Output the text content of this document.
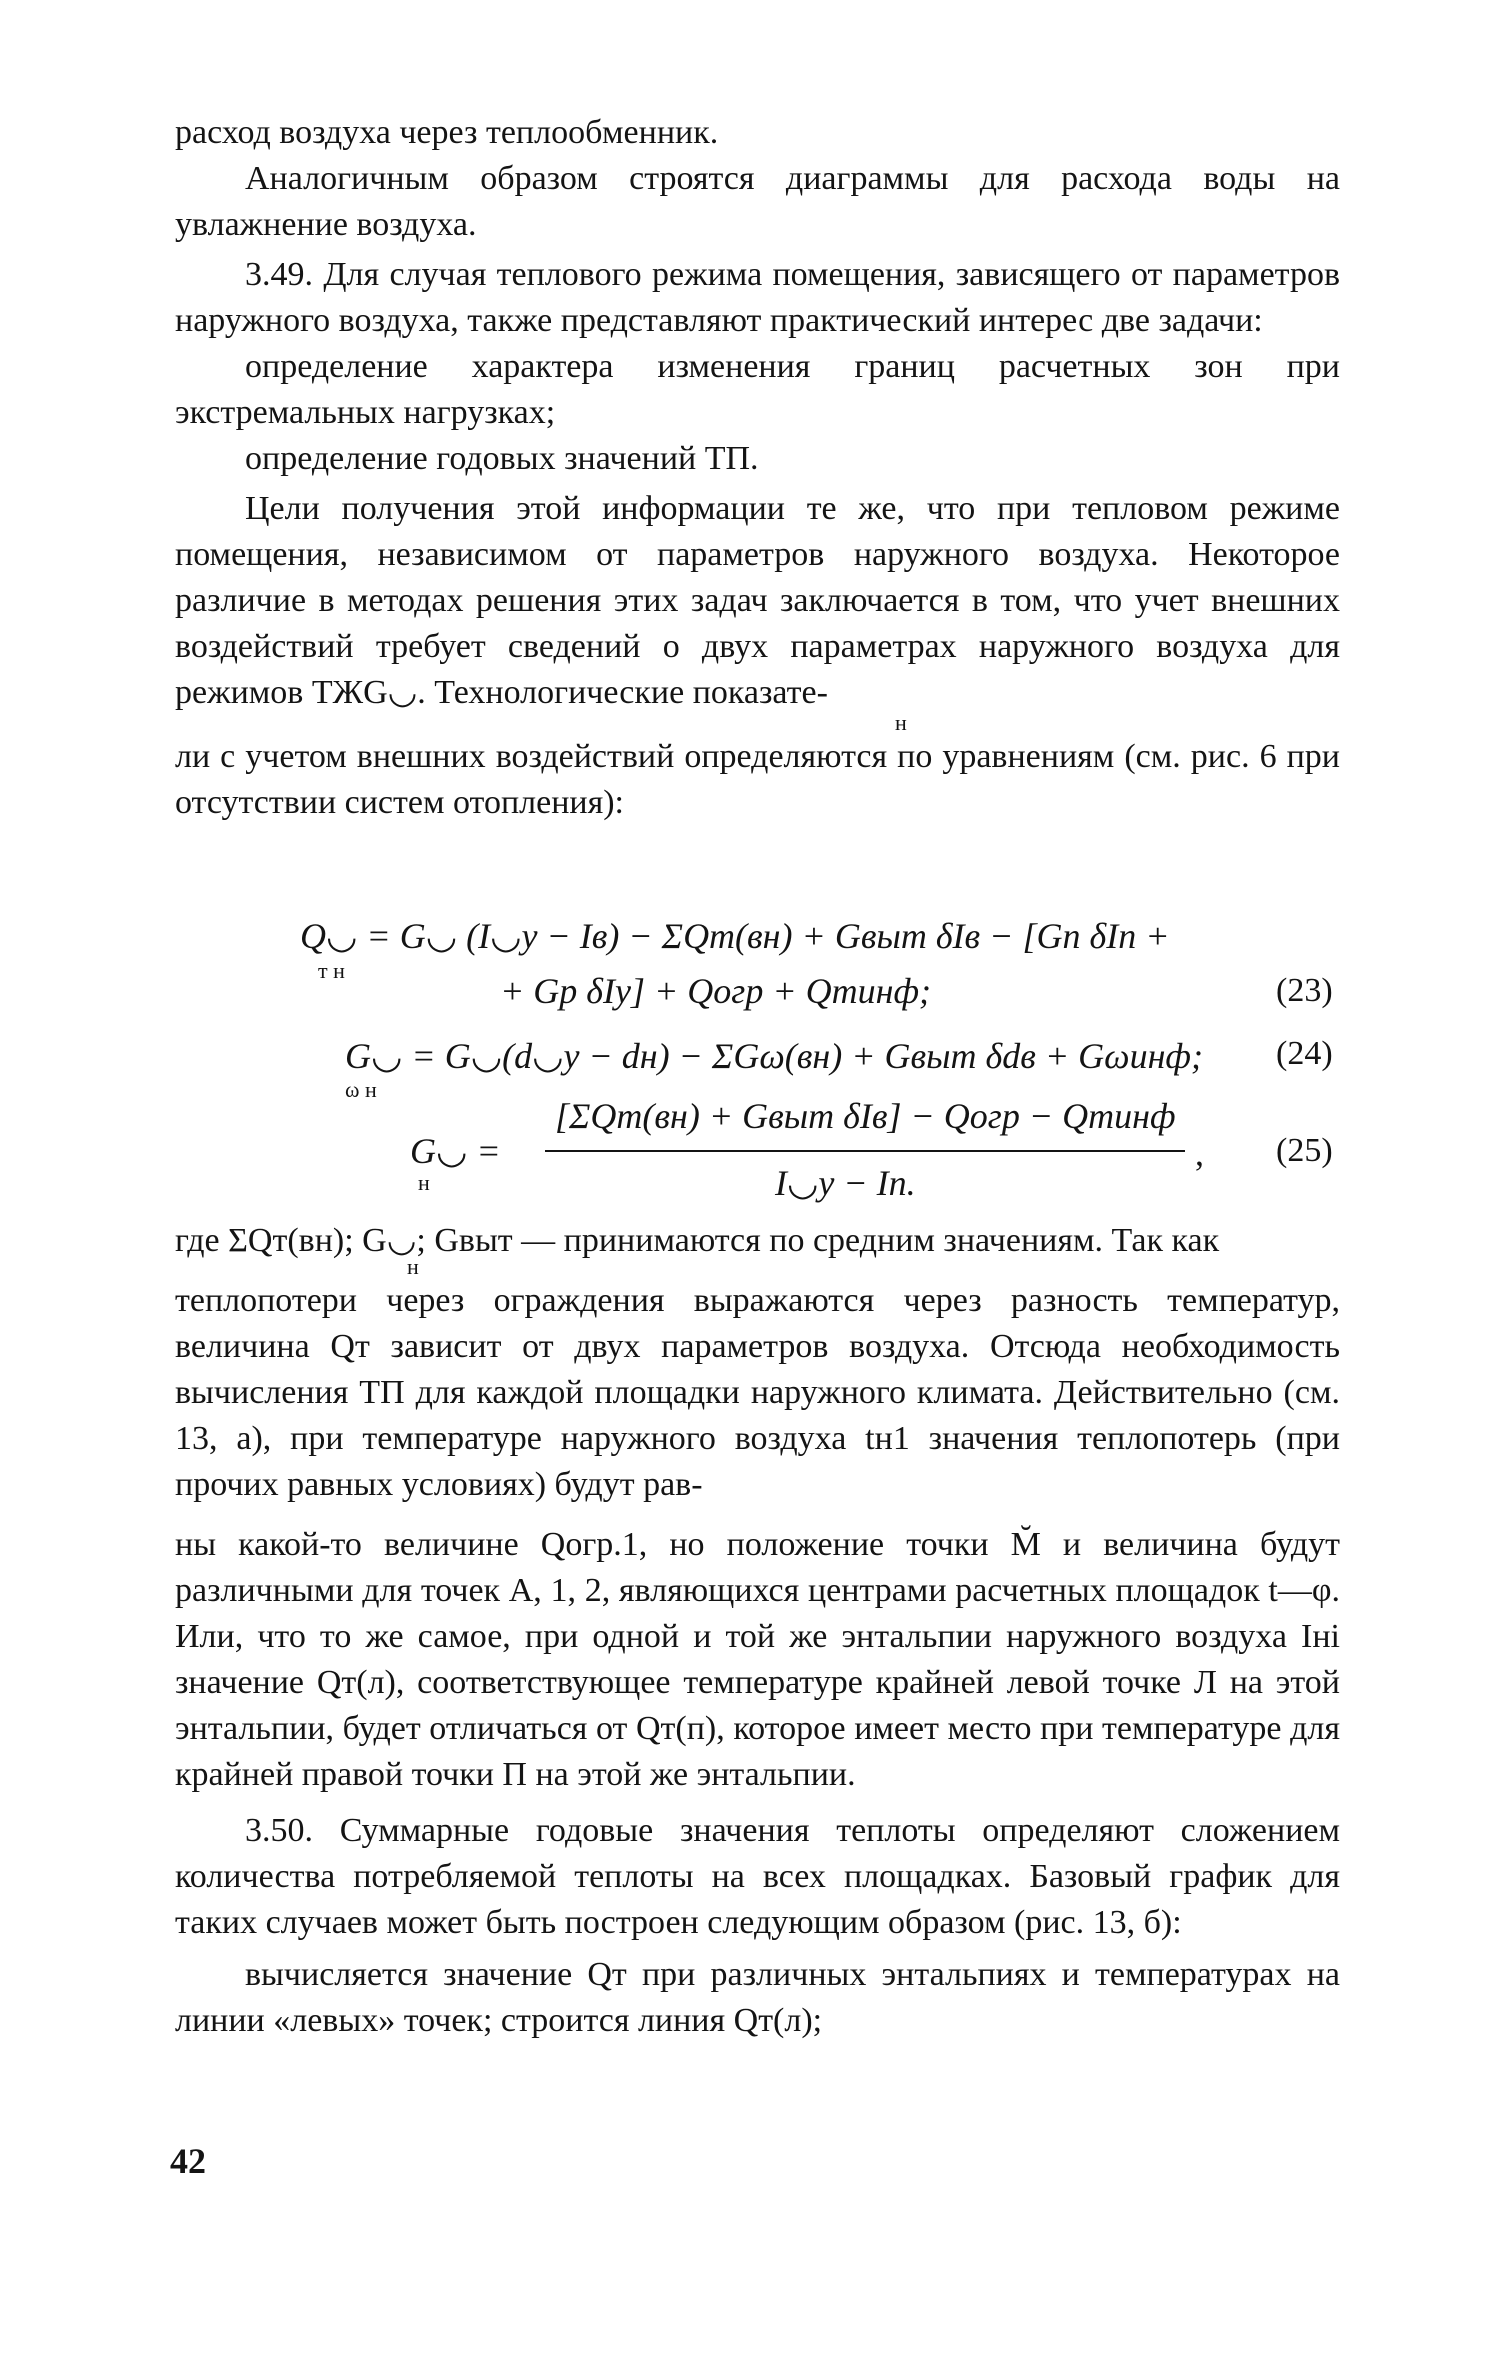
расход воздуха через теплообменник.

Аналогичным образом строятся диаграммы для расхода воды на увлажнение воздуха.

3.49. Для случая теплового режима помещения, зависящего от параметров наружного воздуха, также представляют практический интерес две задачи:

определение характера изменения границ расчетных зон при экстремальных нагрузках;

определение годовых значений ТП.

Цели получения этой информации те же, что при тепловом режиме помещения, независимом от параметров наружного воздуха. Некоторое различие в методах решения этих задач заключается в том, что учет внешних воздействий требует сведений о двух параметрах наружного воздуха для режимов ТЖG◡. Технологические показате-

н

ли с учетом внешних воздействий определяются по уравнениям (см. рис. 6 при отсутствии систем отопления):

Q◡ = G◡ (I◡у − Iв) − ΣQт(вн) + Gвыт δIв − [Gп δIп +
т н
+ Gр δIу] + Qогр + Qтинф;	(23)
G◡ = G◡(d◡у − dн) − ΣGω(вн) + Gвыт δdв + Gωинф;
ω н
(24)
[ΣQт(вн) + Gвыт δIв] − Qогр − Qтинф
G◡ =
н	I◡у − Iп.
, (25)

где ΣQт(вн); G◡; Gвыт — принимаются по средним значениям. Так как

н

теплопотери через ограждения выражаются через разность температур, величина Qт зависит от двух параметров воздуха. Отсюда необходимость вычисления ТП для каждой площадки наружного климата. Действительно (см. 13, а), при температуре наружного воздуха tн1 значения теплопотерь (при прочих равных условиях) будут рав-

ны какой-то величине Qогр.1, но положение точки M̆ и величина будут различными для точек А, 1, 2, являющихся центрами расчетных площадок t—φ. Или, что то же самое, при одной и той же энтальпии наружного воздуха Iнi значение Qт(л), соответствующее температуре крайней левой точке Л на этой энтальпии, будет отличаться от Qт(п), которое имеет место при температуре для крайней правой точки П на этой же энтальпии.

3.50. Суммарные годовые значения теплоты определяют сложением количества потребляемой теплоты на всех площадках. Базовый график для таких случаев может быть построен следующим образом (рис. 13, б):

вычисляется значение Qт при различных энтальпиях и температурах на линии «левых» точек; строится линия Qт(л);

42
